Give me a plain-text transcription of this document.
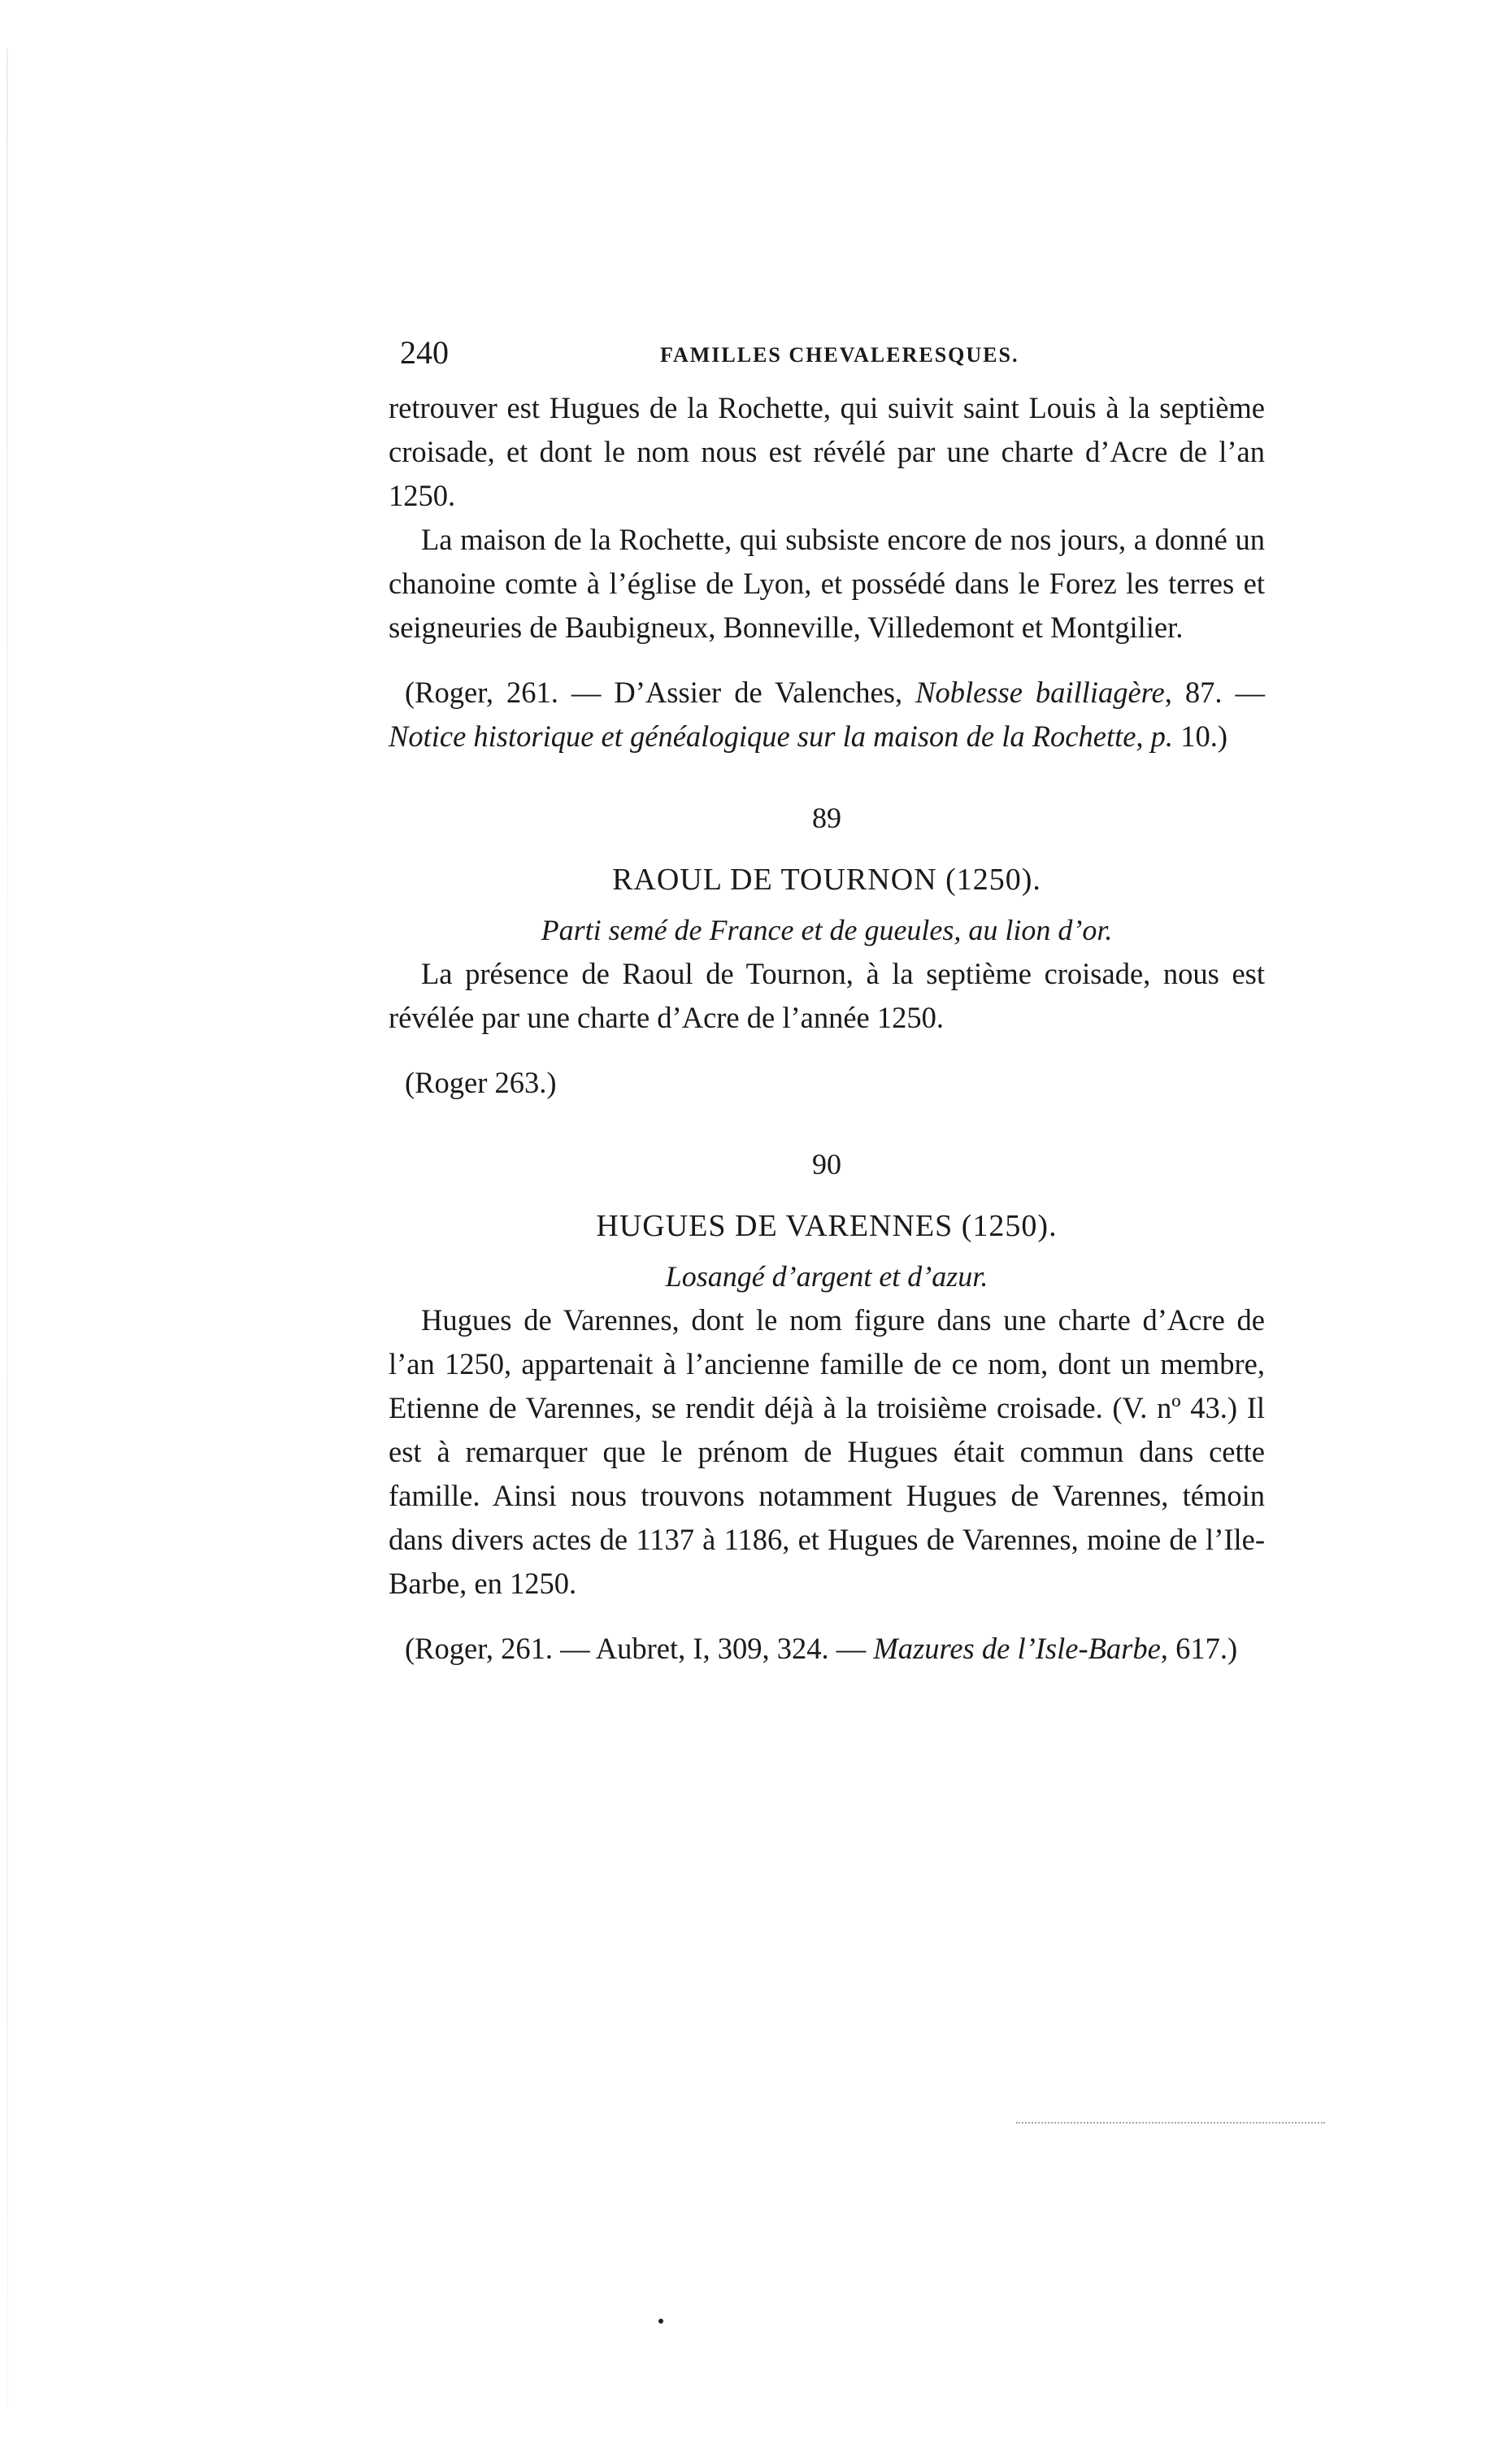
240	FAMILLES CHEVALERESQUES.

retrouver est Hugues de la Rochette, qui suivit saint Louis à la septième croisade, et dont le nom nous est révélé par une charte d’Acre de l’an 1250.

La maison de la Rochette, qui subsiste encore de nos jours, a donné un chanoine comte à l’église de Lyon, et possédé dans le Forez les terres et seigneuries de Baubigneux, Bonneville, Villedemont et Montgilier.

(Roger, 261. — D’Assier de Valenches, Noblesse bailliagère, 87. — Notice historique et généalogique sur la maison de la Rochette, p. 10.)

89
RAOUL DE TOURNON (1250).
Parti semé de France et de gueules, au lion d’or.

La présence de Raoul de Tournon, à la septième croisade, nous est révélée par une charte d’Acre de l’année 1250.

(Roger 263.)

90
HUGUES DE VARENNES (1250).
Losangé d’argent et d’azur.

Hugues de Varennes, dont le nom figure dans une charte d’Acre de l’an 1250, appartenait à l’ancienne famille de ce nom, dont un membre, Etienne de Varennes, se rendit déjà à la troisième croisade. (V. nº 43.) Il est à remarquer que le prénom de Hugues était commun dans cette famille. Ainsi nous trouvons notamment Hugues de Varennes, témoin dans divers actes de 1137 à 1186, et Hugues de Varennes, moine de l’Ile-Barbe, en 1250.

(Roger, 261. — Aubret, I, 309, 324. — Mazures de l’Isle-Barbe, 617.)
